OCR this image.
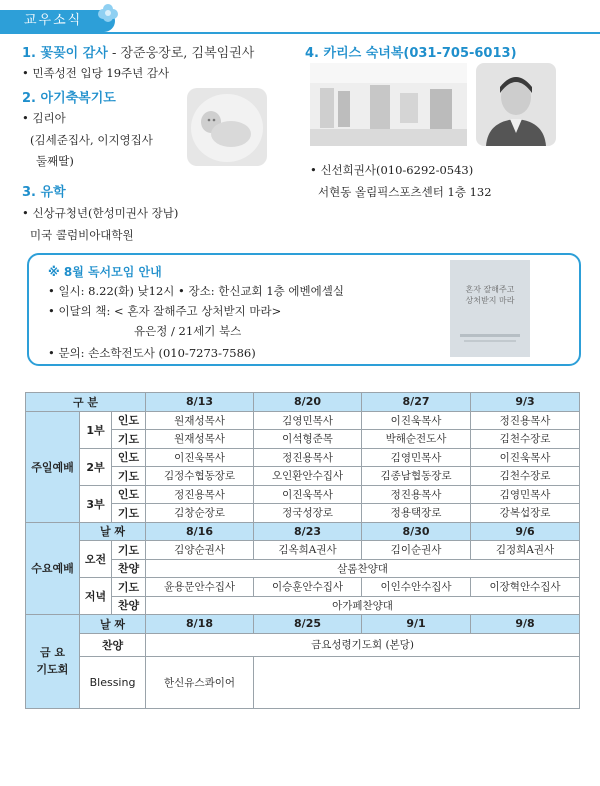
교우소식
1. 꽃꽂이 감사 - 장준웅장로, 김복임권사
• 민족성전 입당 19주년 감사
2. 아기축복기도
• 김리아
(김세준집사, 이지영집사
둘째딸)
3. 유학
• 신상규청년(한성미권사 장남)
미국 콜럼비아대학원
4. 카리스 숙녀복(031-705-6013)
• 신선희권사(010-6292-0543)
서현동 올림픽스포츠센터 1층 132
※ 8월 독서모임 안내
• 일시: 8.22(화) 낮12시 • 장소: 한신교회 1층 에벤에셀실
• 이달의 책: < 혼자 잘해주고 상처받지 마라>
유은정 / 21세기 북스
• 문의: 손소학전도사 (010-7273-7586)
혼자 잘해주고 상처받지 마라
구 분			8/13	8/20	8/27	9/3
주일예배	1부	인도	원재성목사	김영민목사	이진욱목사	정진용목사
		기도	원재성목사	이석형준목	박해순전도사	김천수장로
	2부	인도	이진욱목사	정진용목사	김영민목사	이진욱목사
		기도	김정수협동장로	오인환안수집사	김종남협동장로	김천수장로
	3부	인도	정진용목사	이진욱목사	정진용목사	김영민목사
		기도	김창순장로	정국성장로	정용택장로	강복섭장로
수요예배	날 짜		8/16	8/23	8/30	9/6
	오전	기도	김양순권사	김옥희A권사	김이순권사	김정희A권사
		찬양	살롬찬양대			
	저녁	기도	윤용문안수집사	이승훈안수집사	이인수안수집사	이장혁안수집사
		찬양	아가페찬양대			
금 요
기도회	날 짜		8/18	8/25	9/1	9/8
	찬양		금요성령기도회 (본당)			
	Blessing		한신유스콰이어			
